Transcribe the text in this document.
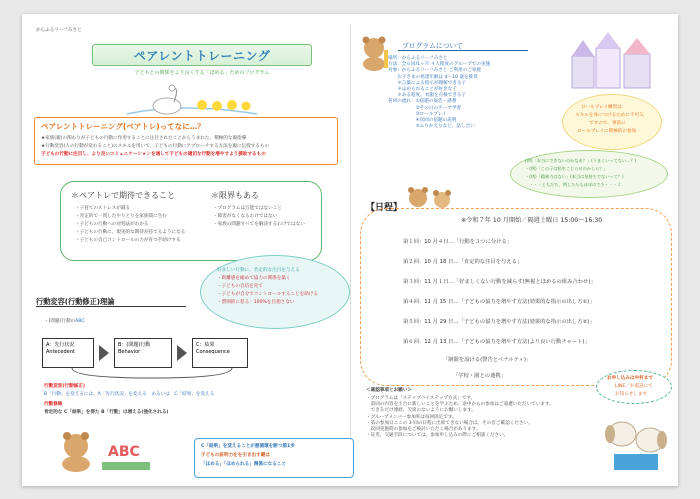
からふるリーフみさと
ペアレントトレーニング
子どもとの関係をより良くする「ほめる」ためのプログラム
ペアレントトレーニング(ペアトレ)ってなに…？
★家族(親)の関わりが子どもの行動に作用することに注目されたことからうまれた、積極的な親指導
★行動変容(人の行動が変わること)のスキルを用いて、子どもの行動にアプローチする方法を親に伝授するもの
子どもの行動に注目し、より良いコミュニケーションを通して子どもの適切な行動を増やすよう援助するもの
＊ペアトレで期待できること
・子育てのストレスが減る
・肯定的で一貫したやりとりを家族間に生む
・子どもの行動への対処法がわかる
・子どもの行動に、現実的な期待が持てるようになる
・子どもの自己コントロールの力が育つ手助けする
＊限界もある
・プログラムは万能ではないこと
・障害がなくなるわけではない
・家族の問題すべてを解決するわけではない
好ましい行動に、肯定的な注目を与える
・距離感を縮めて協力の関係を築く
・子どもの自信を育て
・子どもが自分でコントロールすることを助ける
・罰則的に怒る：100%を目指さない
行動変容(行動修正)理論
・(問題)行動のABC
A：先行状況
Antecedent
B：(問題)行動
Behavior
C：結果
Consequence
行動変容(行動修正)
B「行動」を変えるには、A「先行状況」を変える　あるいは　C「結果」を変える
行動修飾
肯定的な C「結果」を得た B「行動」は増える(強化される)
ABC	C「結果」を変えることが悪循環を断つ第1歩
子どもの証明力をを引き出す鍵は
「ほめる」「ほめられる」関係になること
プログラムについて
場所：からふるリーフみさと
方法：全６回/1ヶ月 ４人程度のグループでの実施
対象：からふるリーフみさと ご利用のご家庭
　　お子さまの発達年齢は 4〜10 歳を推奨
　　＊言葉による指示が理解できる子
　　＊ほめられることが好きな子
　　＊ある程度、衣服を点検できる子
各回の流れ：①宿題の報告・感想
　　　　　　②その日のテーマ学習
　　　　　　③ロールプレイ
　　　　　　④次回の宿題の説明
　　　　　　⑤ふりかえりなど、話し合い
ロールプレイ練習は
スキルを身につけるために不可欠
ですので、事前に
ロールプレイに積極的の参加
(例)「本当にできないのかなあ？」(うまくいってない…？)
・(例)「この子は私をこじらせのかしら？」
・(例)「精神力はない」(本当は気持ちでないって？)
　・・・ともだち、例したたもほぼので少・・・２
【日程】
※令和７年 10 月開始／隔週土曜日 15:00〜16:30
第１回：10 月４日…「行動を３つに分ける」
第２回：10 月 18 日…「肯定的な注目を与える」
第３回：11 月１日…「好ましくない行動を減らす(無視とほめるの組み合わせ)」
第４回：11 月 15 日…「子どもの協力を増やす方法(効果的な指示の出し方①)」
第５回：11 月 29 日…「子どもの協力を増やす方法(効果的な指示の出し方②)」
第６回：12 月 13 日…「子どもの協力を増やす方法(より良い行動チャート)」
「制限を設ける(警告とペナルティ)」
「学校・園との連携」
＜確認事項とお願い＞
・プログラムは「ステップバイステップ方式」です。
　前回の内容を土台に新しいことを学ぶため、途中からの参加はご遠慮いただいています。
　できるだけ連続、欠席のないようにお願いします。
・グループメンバー参加率は毎回固定です。
・第の参加日ここの 3 回の日程に出席できない場合は、その旨ご確認ください。
　次回実施時の参加をご検討いただく場合があります。
・託児、交通手段については、参加申し込みの際にご相談ください。
お申し込みは中村まで
LINE／お電話にて
お知らせします
